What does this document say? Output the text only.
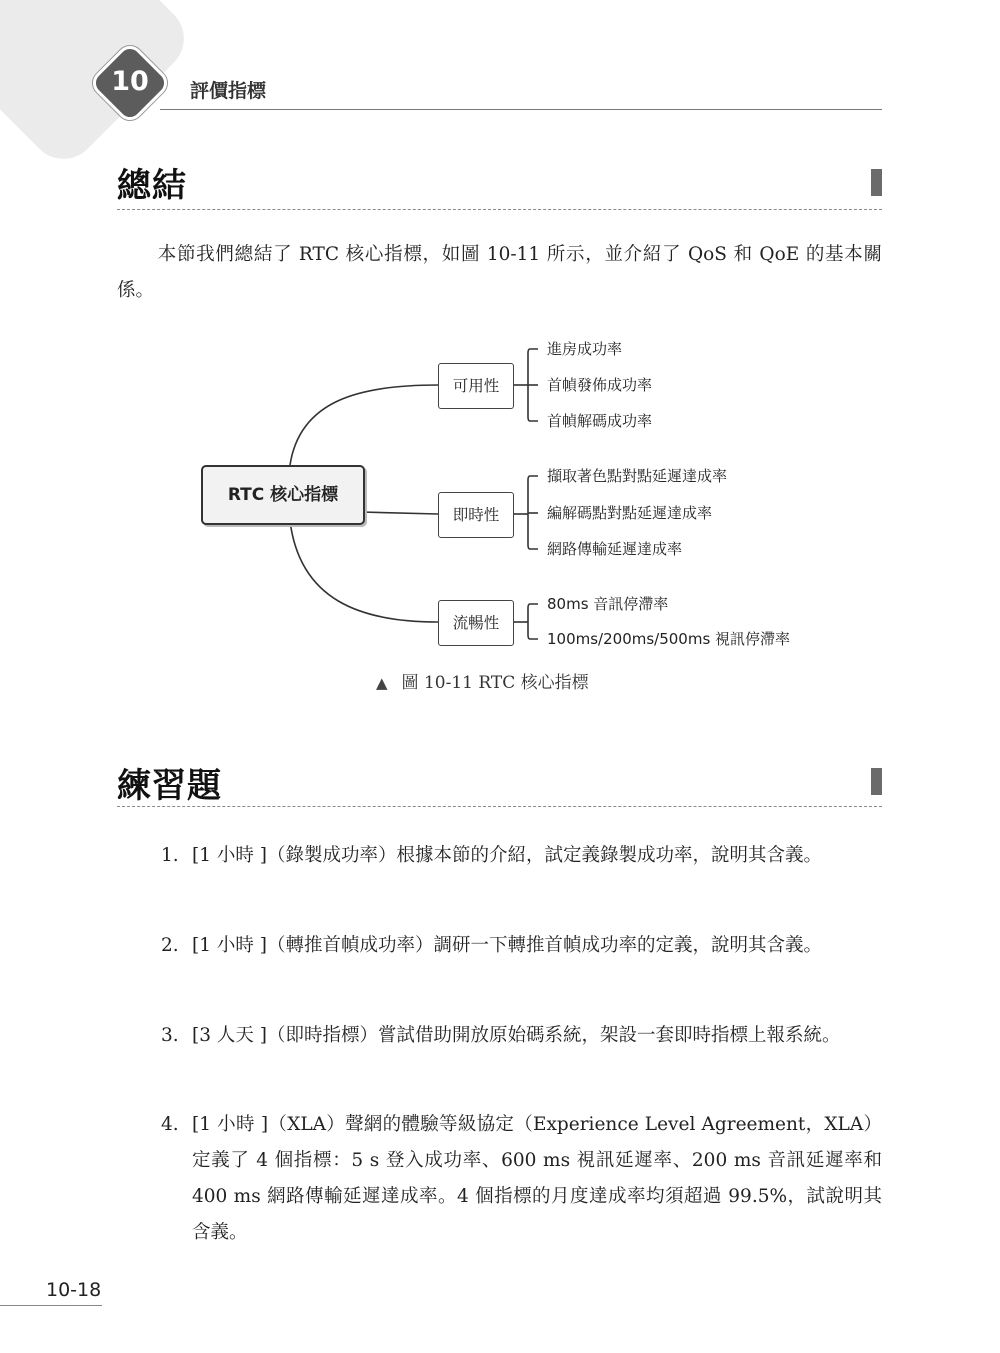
10	評價指標
總結
本節我們總結了 RTC 核心指標，如圖 10-11 所示，並介紹了 QoS 和 QoE 的基本關係。
RTC 核心指標
可用性
進房成功率
首幀發佈成功率
首幀解碼成功率
即時性
擷取著色點對點延遲達成率
編解碼點對點延遲達成率
網路傳輸延遲達成率
流暢性
80ms 音訊停滯率
100ms/200ms/500ms 視訊停滯率
▲ 圖 10-11 RTC 核心指標
練習題
1. [1 小時 ]（錄製成功率）根據本節的介紹，試定義錄製成功率，說明其含義。
2. [1 小時 ]（轉推首幀成功率）調研一下轉推首幀成功率的定義，說明其含義。
3. [3 人天 ]（即時指標）嘗試借助開放原始碼系統，架設一套即時指標上報系統。
4. [1 小時 ]（XLA）聲網的體驗等級協定（Experience Level Agreement，XLA）定義了 4 個指標：5 s 登入成功率、600 ms 視訊延遲率、200 ms 音訊延遲率和 400 ms 網路傳輸延遲達成率。4 個指標的月度達成率均須超過 99.5%，試說明其含義。
10-18
